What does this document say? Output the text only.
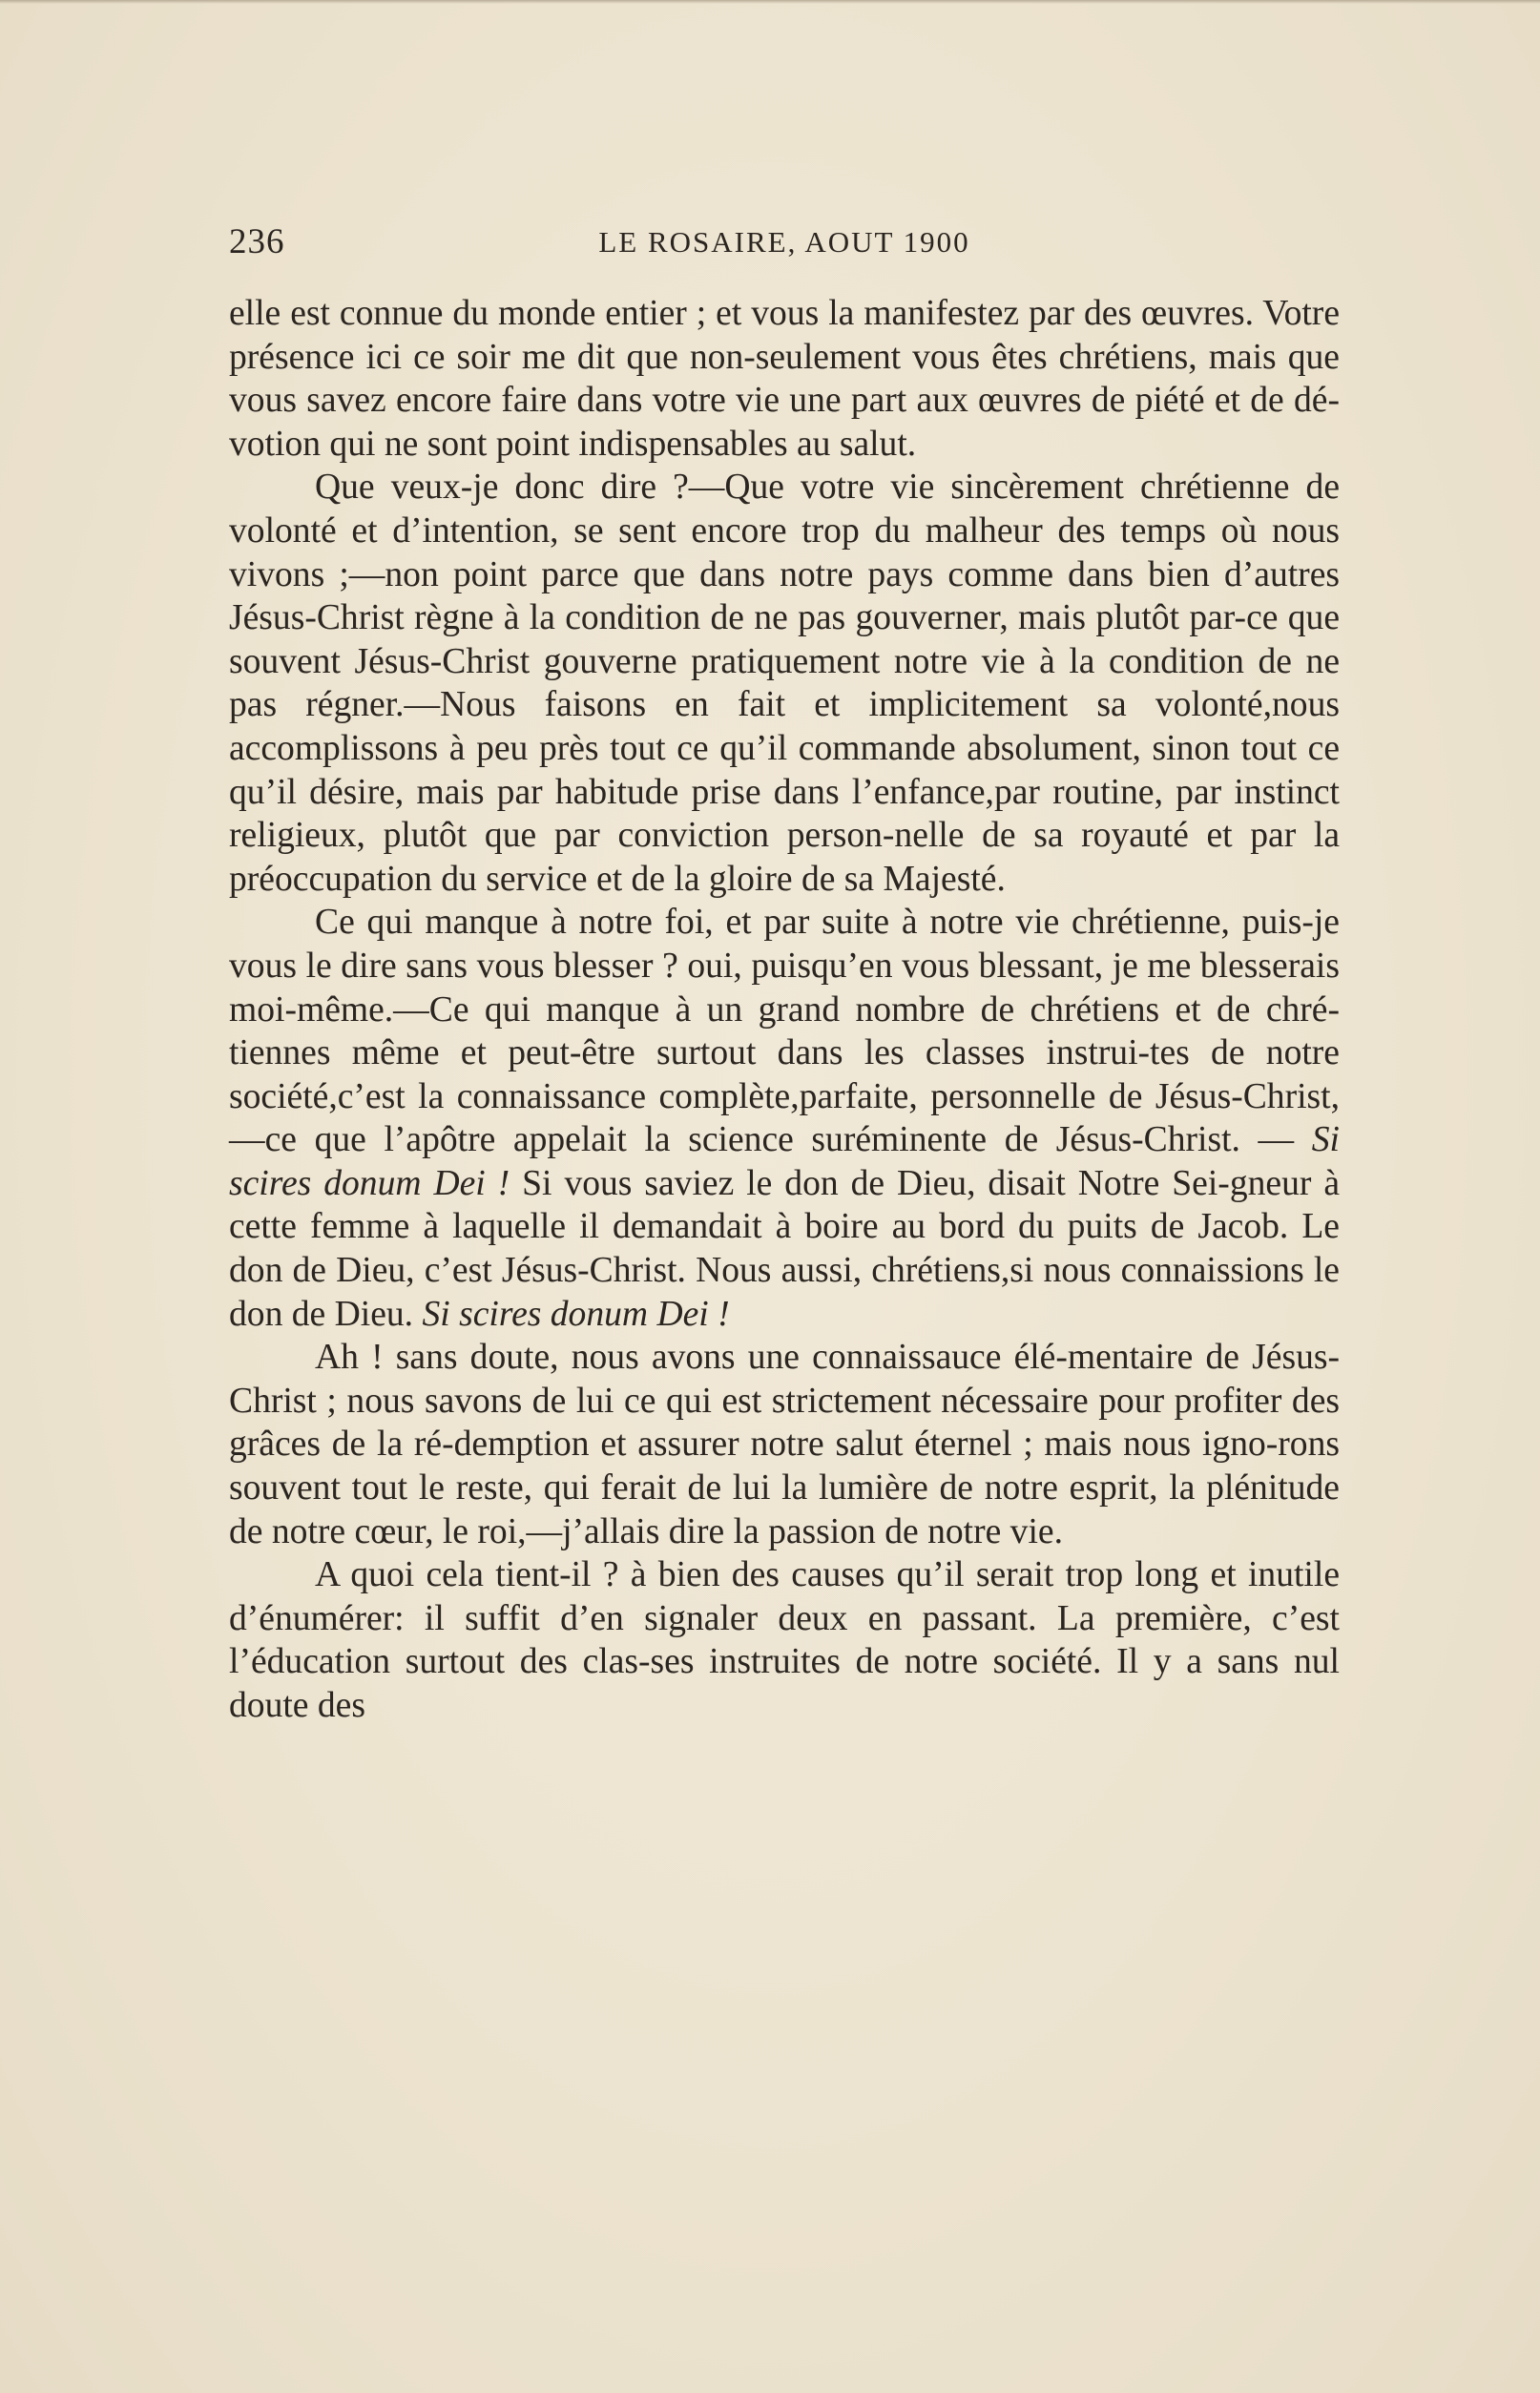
236	LE ROSAIRE, AOUT 1900

elle est connue du monde entier ; et vous la manifestez par des œuvres. Votre présence ici ce soir me dit que non-seulement vous êtes chrétiens, mais que vous savez encore faire dans votre vie une part aux œuvres de piété et de dé-votion qui ne sont point indispensables au salut.

Que veux-je donc dire ?—Que votre vie sincèrement chrétienne de volonté et d’intention, se sent encore trop du malheur des temps où nous vivons ;—non point parce que dans notre pays comme dans bien d’autres Jésus-Christ règne à la condition de ne pas gouverner, mais plutôt par-ce que souvent Jésus-Christ gouverne pratiquement notre vie à la condition de ne pas régner.—Nous faisons en fait et implicitement sa volonté,nous accomplissons à peu près tout ce qu’il commande absolument, sinon tout ce qu’il désire, mais par habitude prise dans l’enfance,par routine, par instinct religieux, plutôt que par conviction person-nelle de sa royauté et par la préoccupation du service et de la gloire de sa Majesté.

Ce qui manque à notre foi, et par suite à notre vie chrétienne, puis-je vous le dire sans vous blesser ? oui, puisqu’en vous blessant, je me blesserais moi-même.—Ce qui manque à un grand nombre de chrétiens et de chré-tiennes même et peut-être surtout dans les classes instrui-tes de notre société,c’est la connaissance complète,parfaite, personnelle de Jésus-Christ,—ce que l’apôtre appelait la science suréminente de Jésus-Christ. — Si scires donum Dei ! Si vous saviez le don de Dieu, disait Notre Sei-gneur à cette femme à laquelle il demandait à boire au bord du puits de Jacob. Le don de Dieu, c’est Jésus-Christ. Nous aussi, chrétiens,si nous connaissions le don de Dieu. Si scires donum Dei !

Ah ! sans doute, nous avons une connaissauce élé-mentaire de Jésus-Christ ; nous savons de lui ce qui est strictement nécessaire pour profiter des grâces de la ré-demption et assurer notre salut éternel ; mais nous igno-rons souvent tout le reste, qui ferait de lui la lumière de notre esprit, la plénitude de notre cœur, le roi,—j’allais dire la passion de notre vie.

A quoi cela tient-il ? à bien des causes qu’il serait trop long et inutile d’énumérer: il suffit d’en signaler deux en passant. La première, c’est l’éducation surtout des clas-ses instruites de notre société. Il y a sans nul doute des
